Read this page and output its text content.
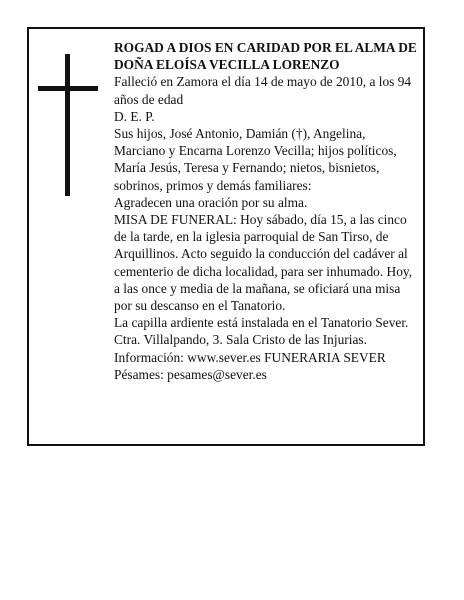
ROGAD A DIOS EN CARIDAD POR EL ALMA DE

DOÑA ELOÍSA VECILLA LORENZO

Falleció en Zamora el día 14 de mayo de 2010, a los 94 años de edad

D. E. P.

Sus hijos, José Antonio, Damián (†), Angelina, Marciano y Encarna Lorenzo Vecilla; hijos políticos, María Jesús, Teresa y Fernando; nietos, bisnietos, sobrinos, primos y demás familiares:

Agradecen una oración por su alma.

MISA DE FUNERAL: Hoy sábado, día 15, a las cinco de la tarde, en la iglesia parroquial de San Tirso, de Arquillinos. Acto seguido la conducción del cadáver al cementerio de dicha localidad, para ser inhumado. Hoy, a las once y media de la mañana, se oficiará una misa por su descanso en el Tanatorio.

La capilla ardiente está instalada en el Tanatorio Sever. Ctra. Villalpando, 3. Sala Cristo de las Injurias.

Información: www.sever.es FUNERARIA SEVER

Pésames: pesames@sever.es
